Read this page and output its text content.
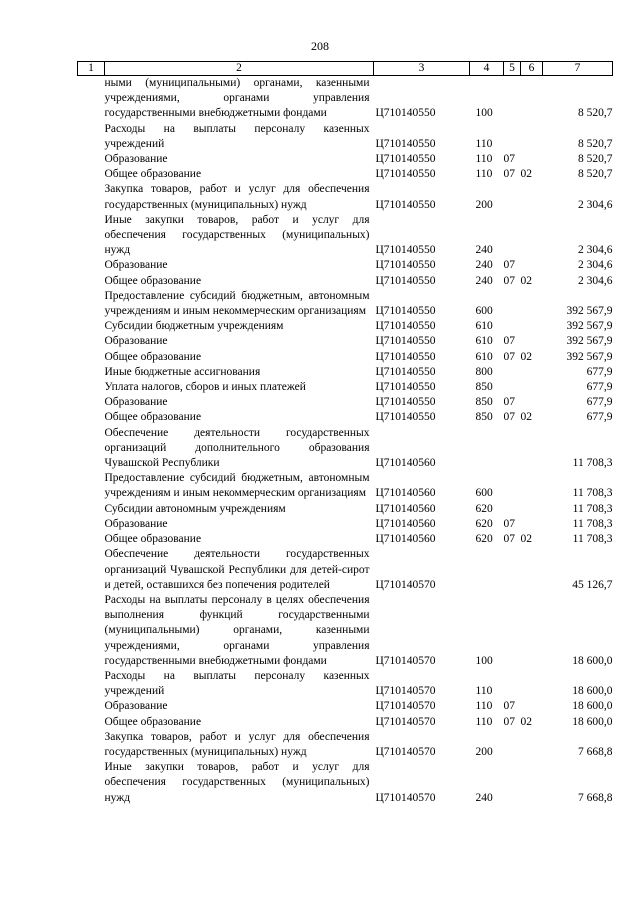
208
1	2	3	4	5	6	7
	ными (муниципальными) органами, казенными учреждениями, органами управления государственными внебюджетными фондами	Ц710140550	100			8 520,7
	Расходы на выплаты персоналу казенных учреждений	Ц710140550	110			8 520,7
	Образование	Ц710140550	110	07		8 520,7
	Общее образование	Ц710140550	110	07	02	8 520,7
	Закупка товаров, работ и услуг для обеспечения государственных (муниципальных) нужд	Ц710140550	200			2 304,6
	Иные закупки товаров, работ и услуг для обеспечения государственных (муниципальных) нужд	Ц710140550	240			2 304,6
	Образование	Ц710140550	240	07		2 304,6
	Общее образование	Ц710140550	240	07	02	2 304,6
	Предоставление субсидий бюджетным, автономным учреждениям и иным некоммерческим организациям	Ц710140550	600			392 567,9
	Субсидии бюджетным учреждениям	Ц710140550	610			392 567,9
	Образование	Ц710140550	610	07		392 567,9
	Общее образование	Ц710140550	610	07	02	392 567,9
	Иные бюджетные ассигнования	Ц710140550	800			677,9
	Уплата налогов, сборов и иных платежей	Ц710140550	850			677,9
	Образование	Ц710140550	850	07		677,9
	Общее образование	Ц710140550	850	07	02	677,9
	Обеспечение деятельности государственных организаций дополнительного образования Чувашской Республики	Ц710140560				11 708,3
	Предоставление субсидий бюджетным, автономным учреждениям и иным некоммерческим организациям	Ц710140560	600			11 708,3
	Субсидии автономным учреждениям	Ц710140560	620			11 708,3
	Образование	Ц710140560	620	07		11 708,3
	Общее образование	Ц710140560	620	07	02	11 708,3
	Обеспечение деятельности государственных организаций Чувашской Республики для детей-сирот и детей, оставшихся без попечения родителей	Ц710140570				45 126,7
	Расходы на выплаты персоналу в целях обеспечения выполнения функций государственными (муниципальными) органами, казенными учреждениями, органами управления государственными внебюджетными фондами	Ц710140570	100			18 600,0
	Расходы на выплаты персоналу казенных учреждений	Ц710140570	110			18 600,0
	Образование	Ц710140570	110	07		18 600,0
	Общее образование	Ц710140570	110	07	02	18 600,0
	Закупка товаров, работ и услуг для обеспечения государственных (муниципальных) нужд	Ц710140570	200			7 668,8
	Иные закупки товаров, работ и услуг для обеспечения государственных (муниципальных) нужд	Ц710140570	240			7 668,8
